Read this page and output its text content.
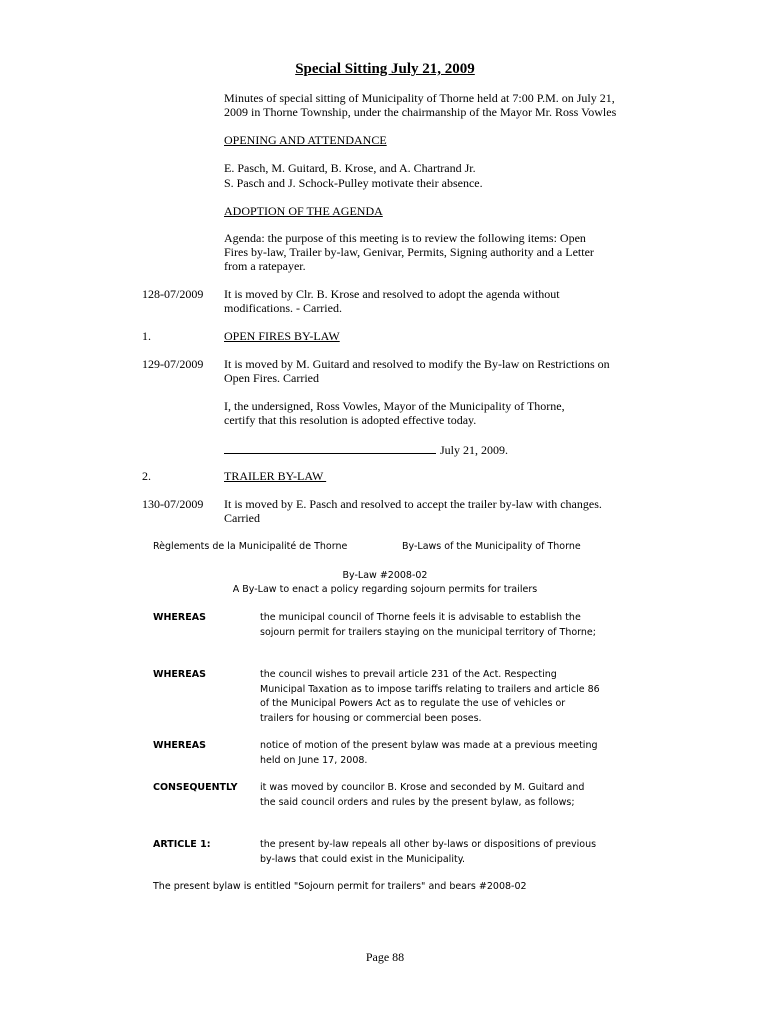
Special Sitting July 21, 2009

Minutes of special sitting of Municipality of Thorne held at 7:00 P.M. on July 21, 2009 in Thorne Township, under the chairmanship of the Mayor Mr. Ross Vowles

OPENING AND ATTENDANCE

E. Pasch, M. Guitard, B. Krose, and A. Chartrand Jr.

S. Pasch and J. Schock-Pulley motivate their absence.

ADOPTION OF THE AGENDA

Agenda: the purpose of this meeting is to review the following items: Open Fires by-law, Trailer by-law, Genivar, Permits, Signing authority and a Letter from a ratepayer.

128-07/2009	It is moved by Clr. B. Krose and resolved to adopt the agenda without modifications. - Carried.

1.	OPEN FIRES BY-LAW

129-07/2009	It is moved by M. Guitard and resolved to modify the By-law on Restrictions on Open Fires. Carried

I, the undersigned, Ross Vowles, Mayor of the Municipality of Thorne, certify that this resolution is adopted effective today.

July 21, 2009.

2.	TRAILER BY-LAW

130-07/2009	It is moved by E. Pasch and resolved to accept the trailer by-law with changes. Carried

Règlements de la Municipalité de Thorne	By-Laws of the Municipality of Thorne

By-Law #2008-02

A By-Law to enact a policy regarding sojourn permits for trailers

WHEREAS	the municipal council of Thorne feels it is advisable to establish the sojourn permit for trailers staying on the municipal territory of Thorne;

WHEREAS	the council wishes to prevail article 231 of the Act. Respecting Municipal Taxation as to impose tariffs relating to trailers and article 86 of the Municipal Powers Act as to regulate the use of vehicles or trailers for housing or commercial been poses.

WHEREAS	notice of motion of the present bylaw was made at a previous meeting held on June 17, 2008.

CONSEQUENTLY	it was moved by councilor B. Krose and seconded by M. Guitard and the said council orders and rules by the present bylaw, as follows;

ARTICLE 1:	the present by-law repeals all other by-laws or dispositions of previous by-laws that could exist in the Municipality.

The present bylaw is entitled "Sojourn permit for trailers" and bears #2008-02

Page 88
